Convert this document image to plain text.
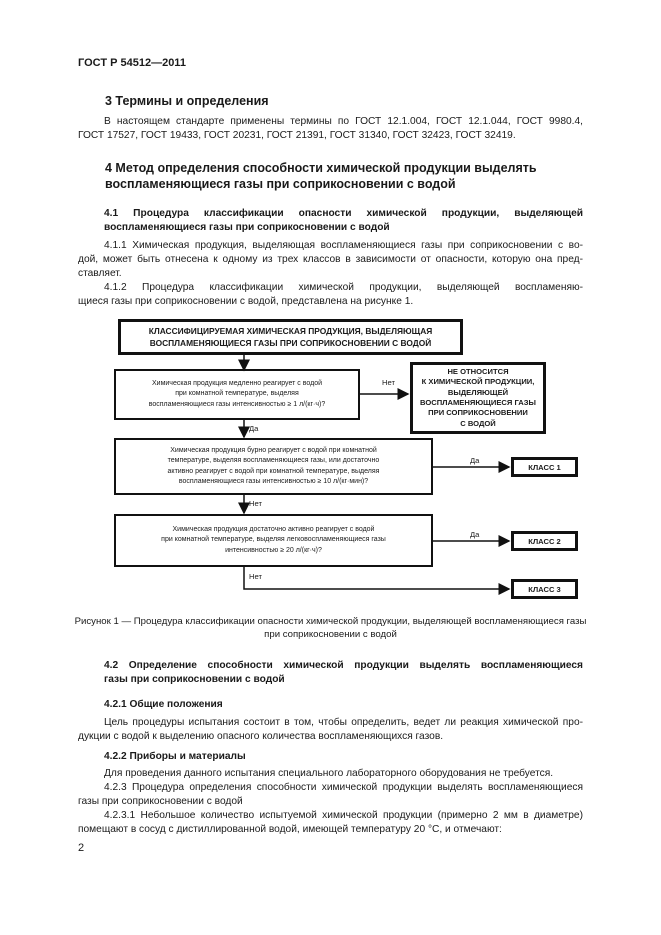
ГОСТ Р 54512—2011
3 Термины и определения
В настоящем стандарте применены термины по ГОСТ 12.1.004, ГОСТ 12.1.044, ГОСТ 9980.4,
ГОСТ 17527, ГОСТ 19433, ГОСТ 20231, ГОСТ 21391, ГОСТ 31340, ГОСТ 32423, ГОСТ 32419.
4 Метод определения способности химической продукции выделять
воспламеняющиеся газы при соприкосновении с водой
4.1 Процедура классификации опасности химической продукции, выделяющей
воспламеняющиеся газы при соприкосновении с водой
4.1.1 Химическая продукция, выделяющая воспламеняющиеся газы при соприкосновении с во-
дой, может быть отнесена к одному из трех классов в зависимости от опасности, которую она пред-
ставляет.
4.1.2 Процедура классификации химической продукции, выделяющей воспламеняю-
щиеся газы при соприкосновении с водой, представлена на рисунке 1.
КЛАССИФИЦИРУЕМАЯ ХИМИЧЕСКАЯ ПРОДУКЦИЯ, ВЫДЕЛЯЮЩАЯ
ВОСПЛАМЕНЯЮЩИЕСЯ ГАЗЫ ПРИ СОПРИКОСНОВЕНИИ С ВОДОЙ
Химическая продукция медленно реагирует с водой
при комнатной температуре, выделяя
воспламеняющиеся газы интенсивностью ≥ 1 л/(кг·ч)?
НЕ ОТНОСИТСЯ
К ХИМИЧЕСКОЙ ПРОДУКЦИИ,
ВЫДЕЛЯЮЩЕЙ
ВОСПЛАМЕНЯЮЩИЕСЯ ГАЗЫ
ПРИ СОПРИКОСНОВЕНИИ
С ВОДОЙ
Нет
Да
Химическая продукция бурно реагирует с водой при комнатной
температуре, выделяя воспламеняющиеся газы, или достаточно
активно реагирует с водой при комнатной температуре, выделяя
воспламеняющиеся газы интенсивностью ≥ 10 л/(кг·мин)?
Да
Нет
КЛАСС 1
Химическая продукция достаточно активно реагирует с водой
при комнатной температуре, выделяя легковоспламеняющиеся газы
интенсивностью ≥ 20 л/(кг·ч)?
Да
Нет
КЛАСС 2
КЛАСС 3
Рисунок 1 — Процедура классификации опасности химической продукции, выделяющей воспламеняющиеся газы
при соприкосновении с водой
4.2 Определение способности химической продукции выделять воспламеняющиеся
газы при соприкосновении с водой
4.2.1 Общие положения
Цель процедуры испытания состоит в том, чтобы определить, ведет ли реакция химической про-
дукции с водой к выделению опасного количества воспламеняющихся газов.
4.2.2 Приборы и материалы
Для проведения данного испытания специального лабораторного оборудования не требуется.
4.2.3 Процедура определения способности химической продукции выделять воспламеняющиеся
газы при соприкосновении с водой
4.2.3.1 Небольшое количество испытуемой химической продукции (примерно 2 мм в диаметре)
помещают в сосуд с дистиллированной водой, имеющей температуру 20 °С, и отмечают:
2
